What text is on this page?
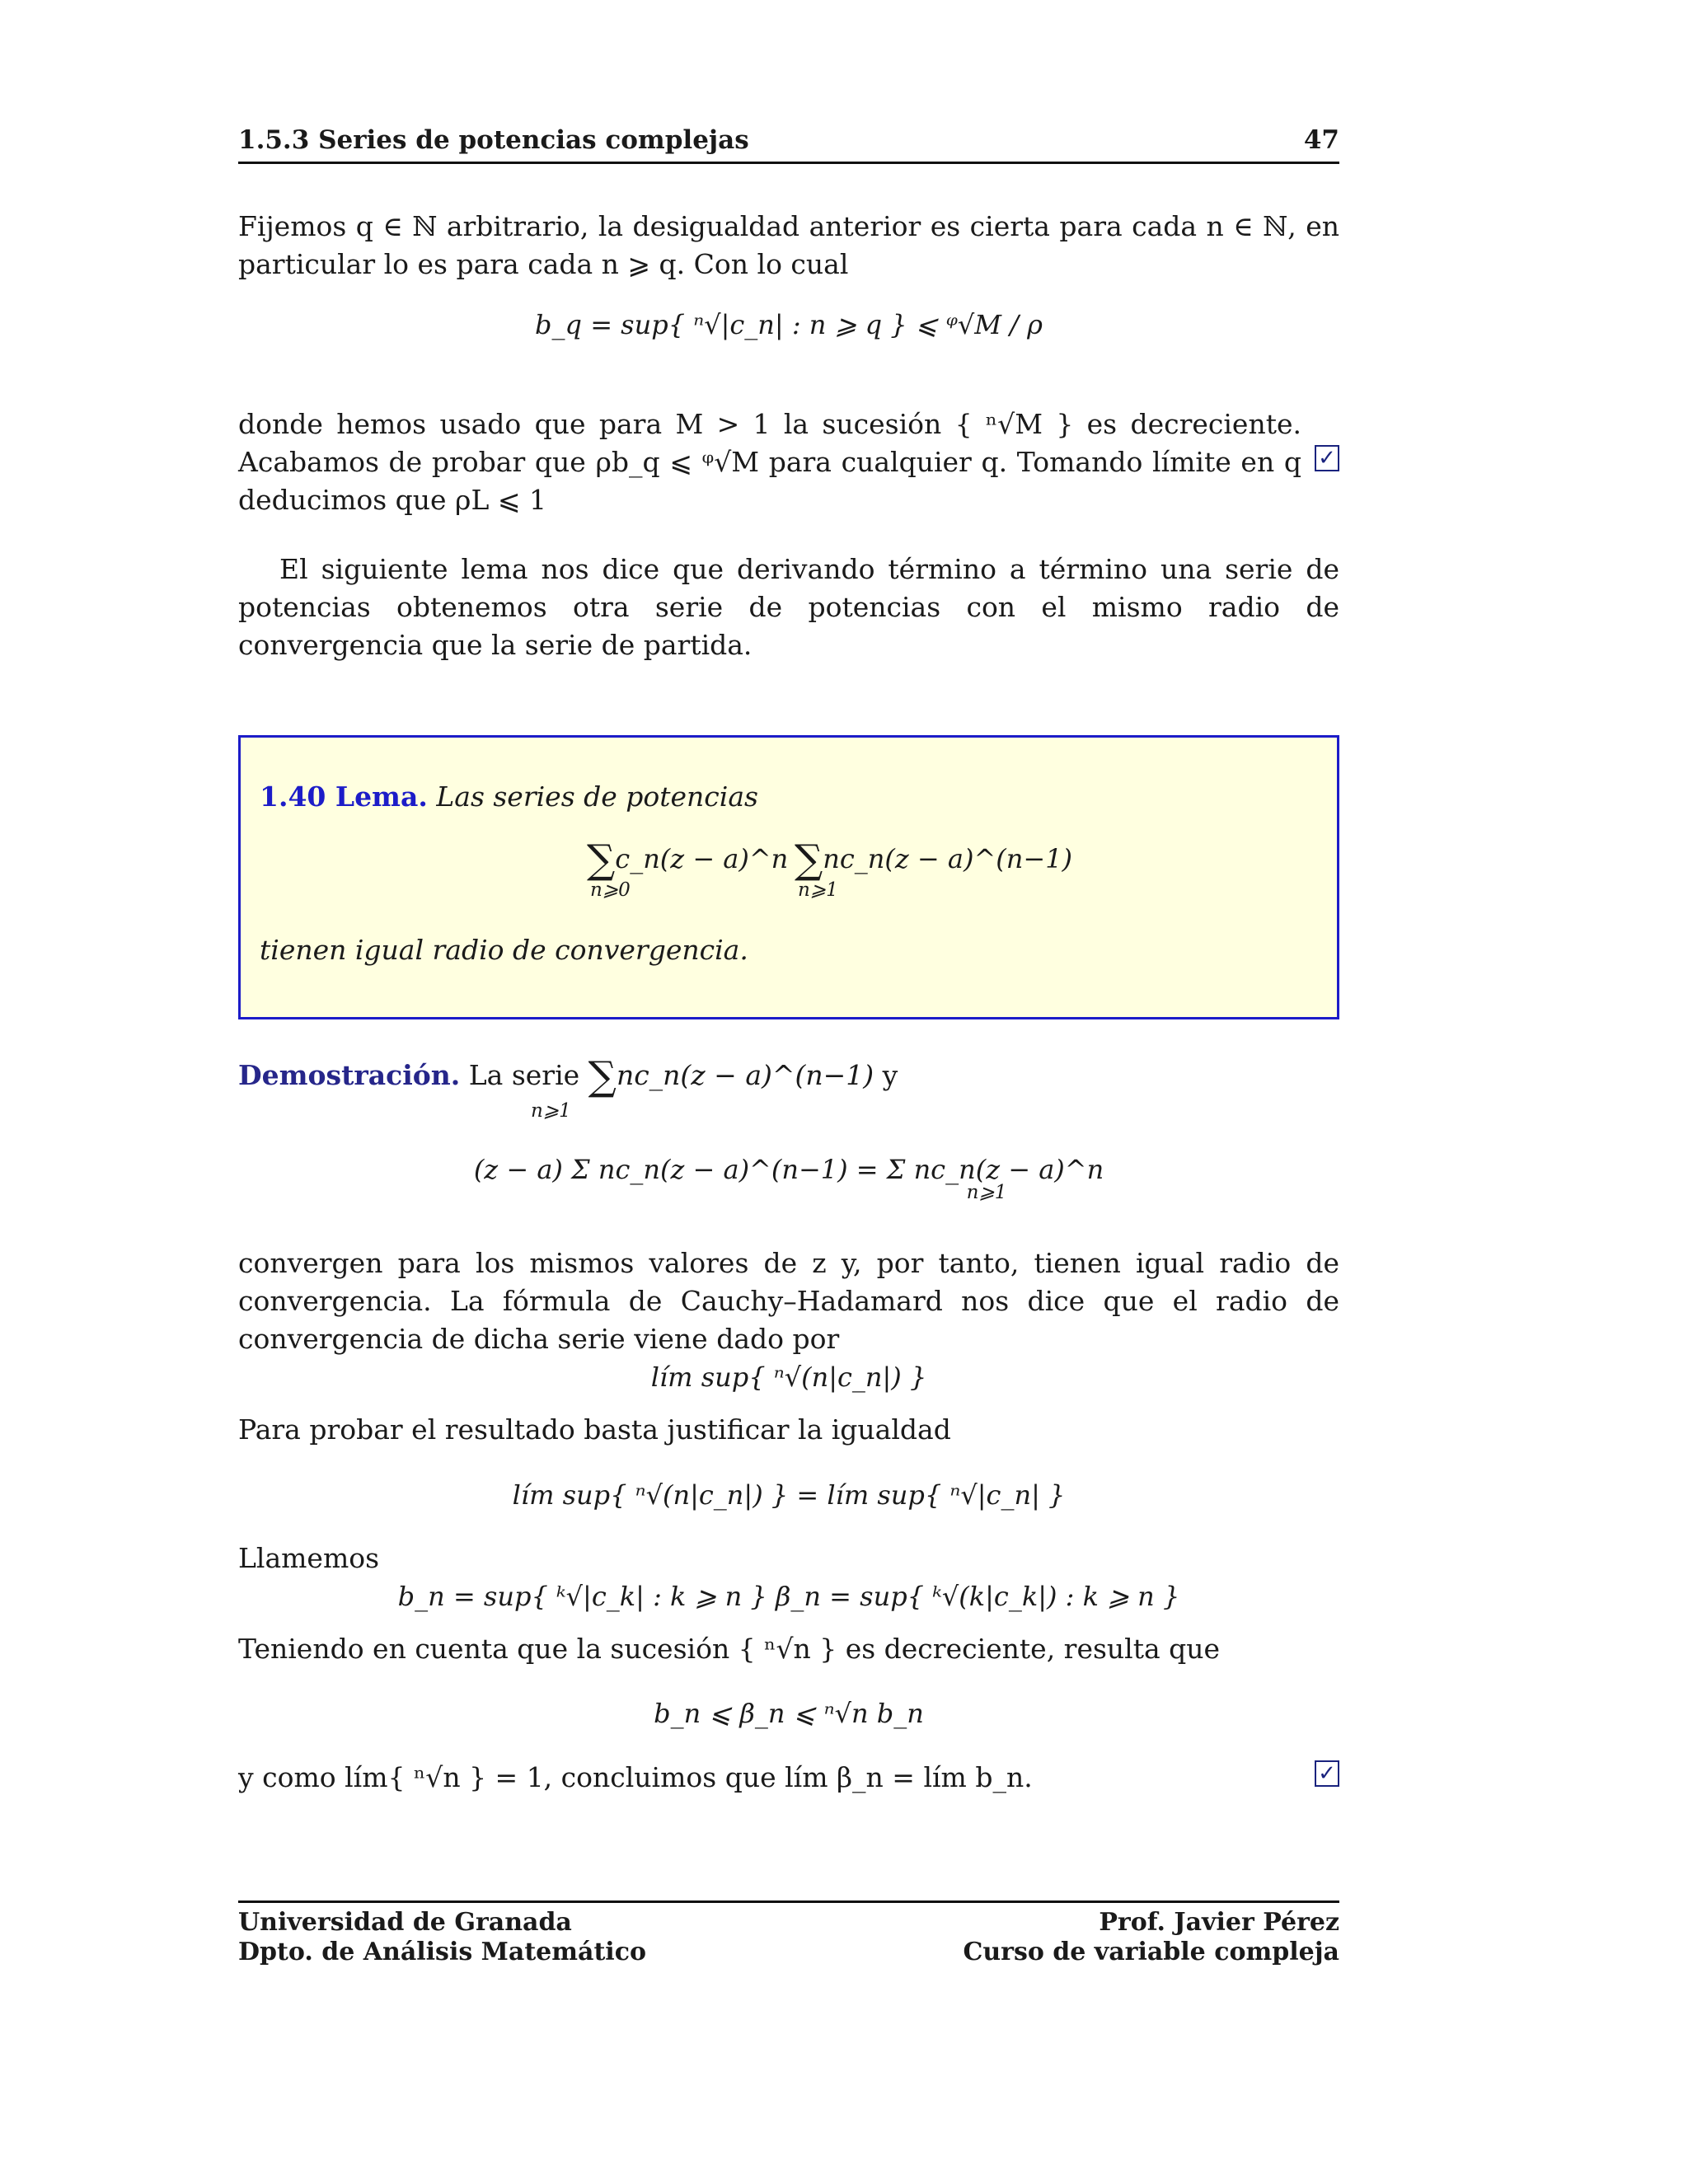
1.5.3 Series de potencias complejas	47
Fijemos q ∈ ℕ arbitrario, la desigualdad anterior es cierta para cada n ∈ ℕ, en particular lo es para cada n ⩾ q. Con lo cual
b_q = sup{ ⁿ√|c_n| : n ⩾ q } ⩽ ᵠ√M / ρ
donde hemos usado que para M > 1 la sucesión { ⁿ√M } es decreciente. Acabamos de probar que ρb_q ⩽ ᵠ√M para cualquier q. Tomando límite en q deducimos que ρL ⩽ 1
✓
El siguiente lema nos dice que derivando término a término una serie de potencias obtenemos otra serie de potencias con el mismo radio de convergencia que la serie de partida.
1.40 Lema. Las series de potencias
∑c_n(z − a)^n
n⩾0
∑nc_n(z − a)^(n−1)
n⩾1
tienen igual radio de convergencia.
Demostración. La serie ∑nc_n(z − a)^(n−1) y
n⩾1
(z − a) Σ nc_n(z − a)^(n−1) = Σ nc_n(z − a)^n
n⩾1
convergen para los mismos valores de z y, por tanto, tienen igual radio de convergencia. La fórmula de Cauchy–Hadamard nos dice que el radio de convergencia de dicha serie viene dado por
lím sup{ ⁿ√(n|c_n|) }
Para probar el resultado basta justificar la igualdad
lím sup{ ⁿ√(n|c_n|) } = lím sup{ ⁿ√|c_n| }
Llamemos
b_n = sup{ ᵏ√|c_k| : k ⩾ n } β_n = sup{ ᵏ√(k|c_k|) : k ⩾ n }
Teniendo en cuenta que la sucesión { ⁿ√n } es decreciente, resulta que
b_n ⩽ β_n ⩽ ⁿ√n b_n
y como lím{ ⁿ√n } = 1, concluimos que lím β_n = lím b_n.	✓
Universidad de Granada
Dpto. de Análisis Matemático
Prof. Javier Pérez
Curso de variable compleja
